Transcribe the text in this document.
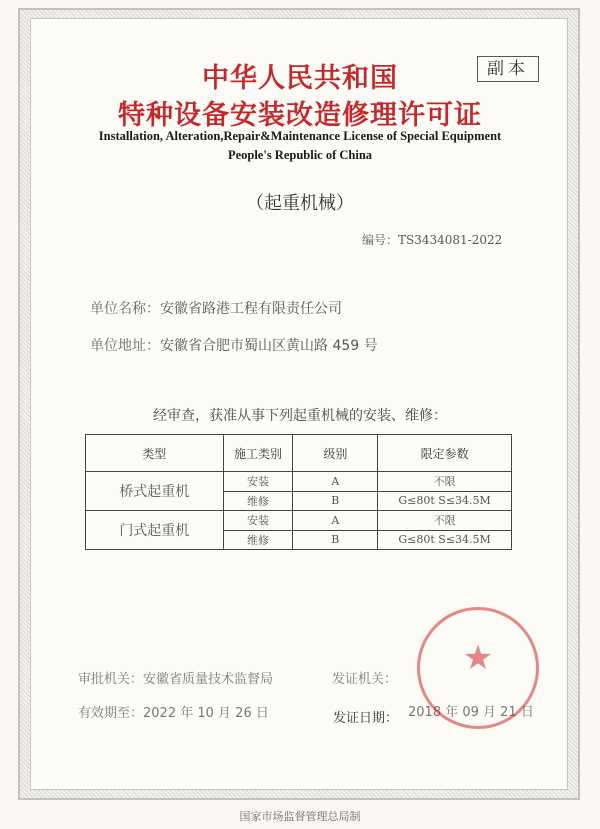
副本
中华人民共和国
特种设备安装改造修理许可证
Installation, Alteration,Repair&Maintenance License of Special Equipment
People's Republic of China
（起重机械）
编号：TS3434081-2022
单位名称：安徽省路港工程有限责任公司
单位地址：安徽省合肥市蜀山区黄山路 459 号
经审查，获准从事下列起重机械的安装、维修：
类型	施工类别	级别	限定参数
桥式起重机	安装	A	不限
	维修	B	G≤80t S≤34.5M
门式起重机	安装	A	不限
	维修	B	G≤80t S≤34.5M
审批机关：安徽省质量技术监督局
有效期至：2022 年 10 月 26 日
发证机关：
发证日期： 2018 年 09 月 21 日
★
国家市场监督管理总局制
